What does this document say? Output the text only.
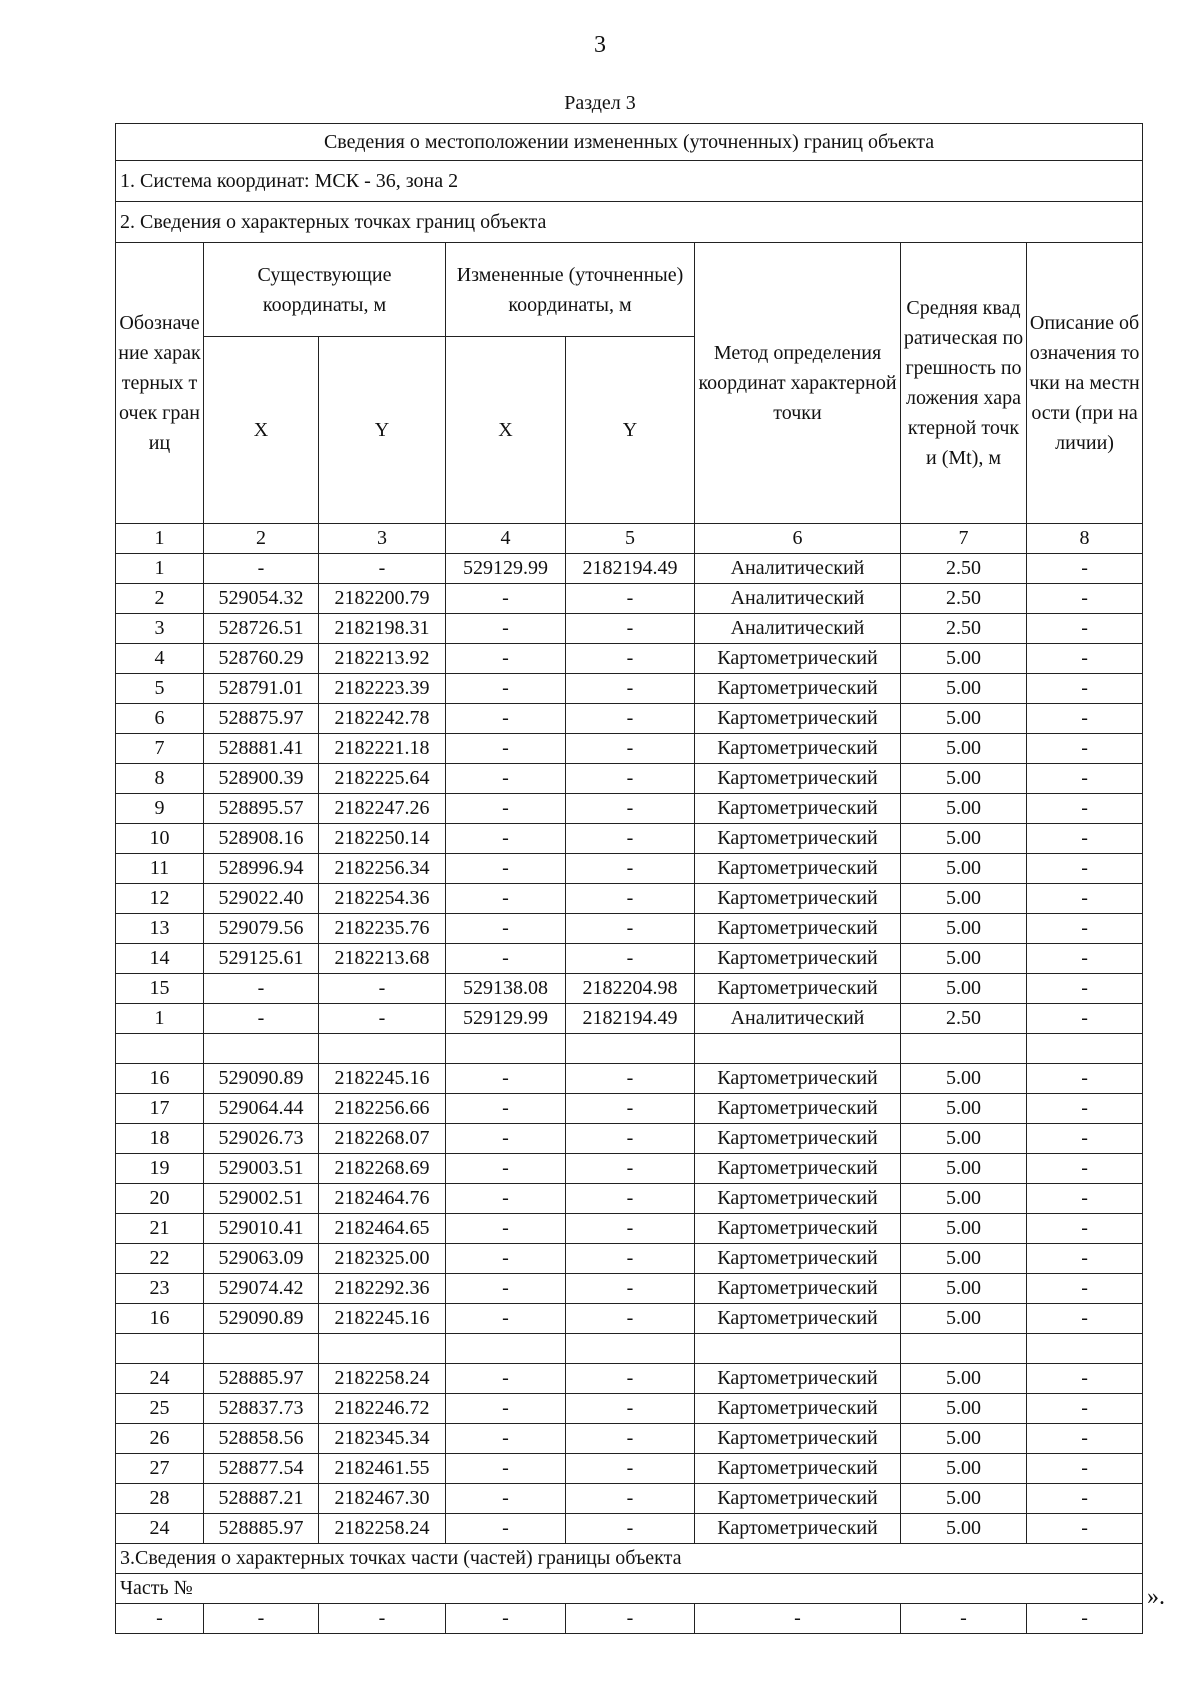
3
Раздел 3
Сведения о местоположении измененных (уточненных) границ объекта							
1. Система координат: МСК - 36, зона 2							
2. Сведения о характерных точках границ объекта							
Обозначение характерных точек границ	Существующие координаты, м		Измененные (уточненные) координаты, м		Метод определения координат характерной точки	Средняя квадратическая погрешность положения характерной точки (Mt), м	Описание обозначения точки на местности (при наличии)
	X	Y	X	Y			
1	2	3	4	5	6	7	8
1	-	-	529129.99	2182194.49	Аналитический	2.50	-
2	529054.32	2182200.79	-	-	Аналитический	2.50	-
3	528726.51	2182198.31	-	-	Аналитический	2.50	-
4	528760.29	2182213.92	-	-	Картометрический	5.00	-
5	528791.01	2182223.39	-	-	Картометрический	5.00	-
6	528875.97	2182242.78	-	-	Картометрический	5.00	-
7	528881.41	2182221.18	-	-	Картометрический	5.00	-
8	528900.39	2182225.64	-	-	Картометрический	5.00	-
9	528895.57	2182247.26	-	-	Картометрический	5.00	-
10	528908.16	2182250.14	-	-	Картометрический	5.00	-
11	528996.94	2182256.34	-	-	Картометрический	5.00	-
12	529022.40	2182254.36	-	-	Картометрический	5.00	-
13	529079.56	2182235.76	-	-	Картометрический	5.00	-
14	529125.61	2182213.68	-	-	Картометрический	5.00	-
15	-	-	529138.08	2182204.98	Картометрический	5.00	-
1	-	-	529129.99	2182194.49	Аналитический	2.50	-

16	529090.89	2182245.16	-	-	Картометрический	5.00	-
17	529064.44	2182256.66	-	-	Картометрический	5.00	-
18	529026.73	2182268.07	-	-	Картометрический	5.00	-
19	529003.51	2182268.69	-	-	Картометрический	5.00	-
20	529002.51	2182464.76	-	-	Картометрический	5.00	-
21	529010.41	2182464.65	-	-	Картометрический	5.00	-
22	529063.09	2182325.00	-	-	Картометрический	5.00	-
23	529074.42	2182292.36	-	-	Картометрический	5.00	-
16	529090.89	2182245.16	-	-	Картометрический	5.00	-

24	528885.97	2182258.24	-	-	Картометрический	5.00	-
25	528837.73	2182246.72	-	-	Картометрический	5.00	-
26	528858.56	2182345.34	-	-	Картометрический	5.00	-
27	528877.54	2182461.55	-	-	Картометрический	5.00	-
28	528887.21	2182467.30	-	-	Картометрический	5.00	-
24	528885.97	2182258.24	-	-	Картометрический	5.00	-
3.Сведения о характерных точках части (частей) границы объекта							
Часть №							
-	-	-	-	-	-	-	-
».
